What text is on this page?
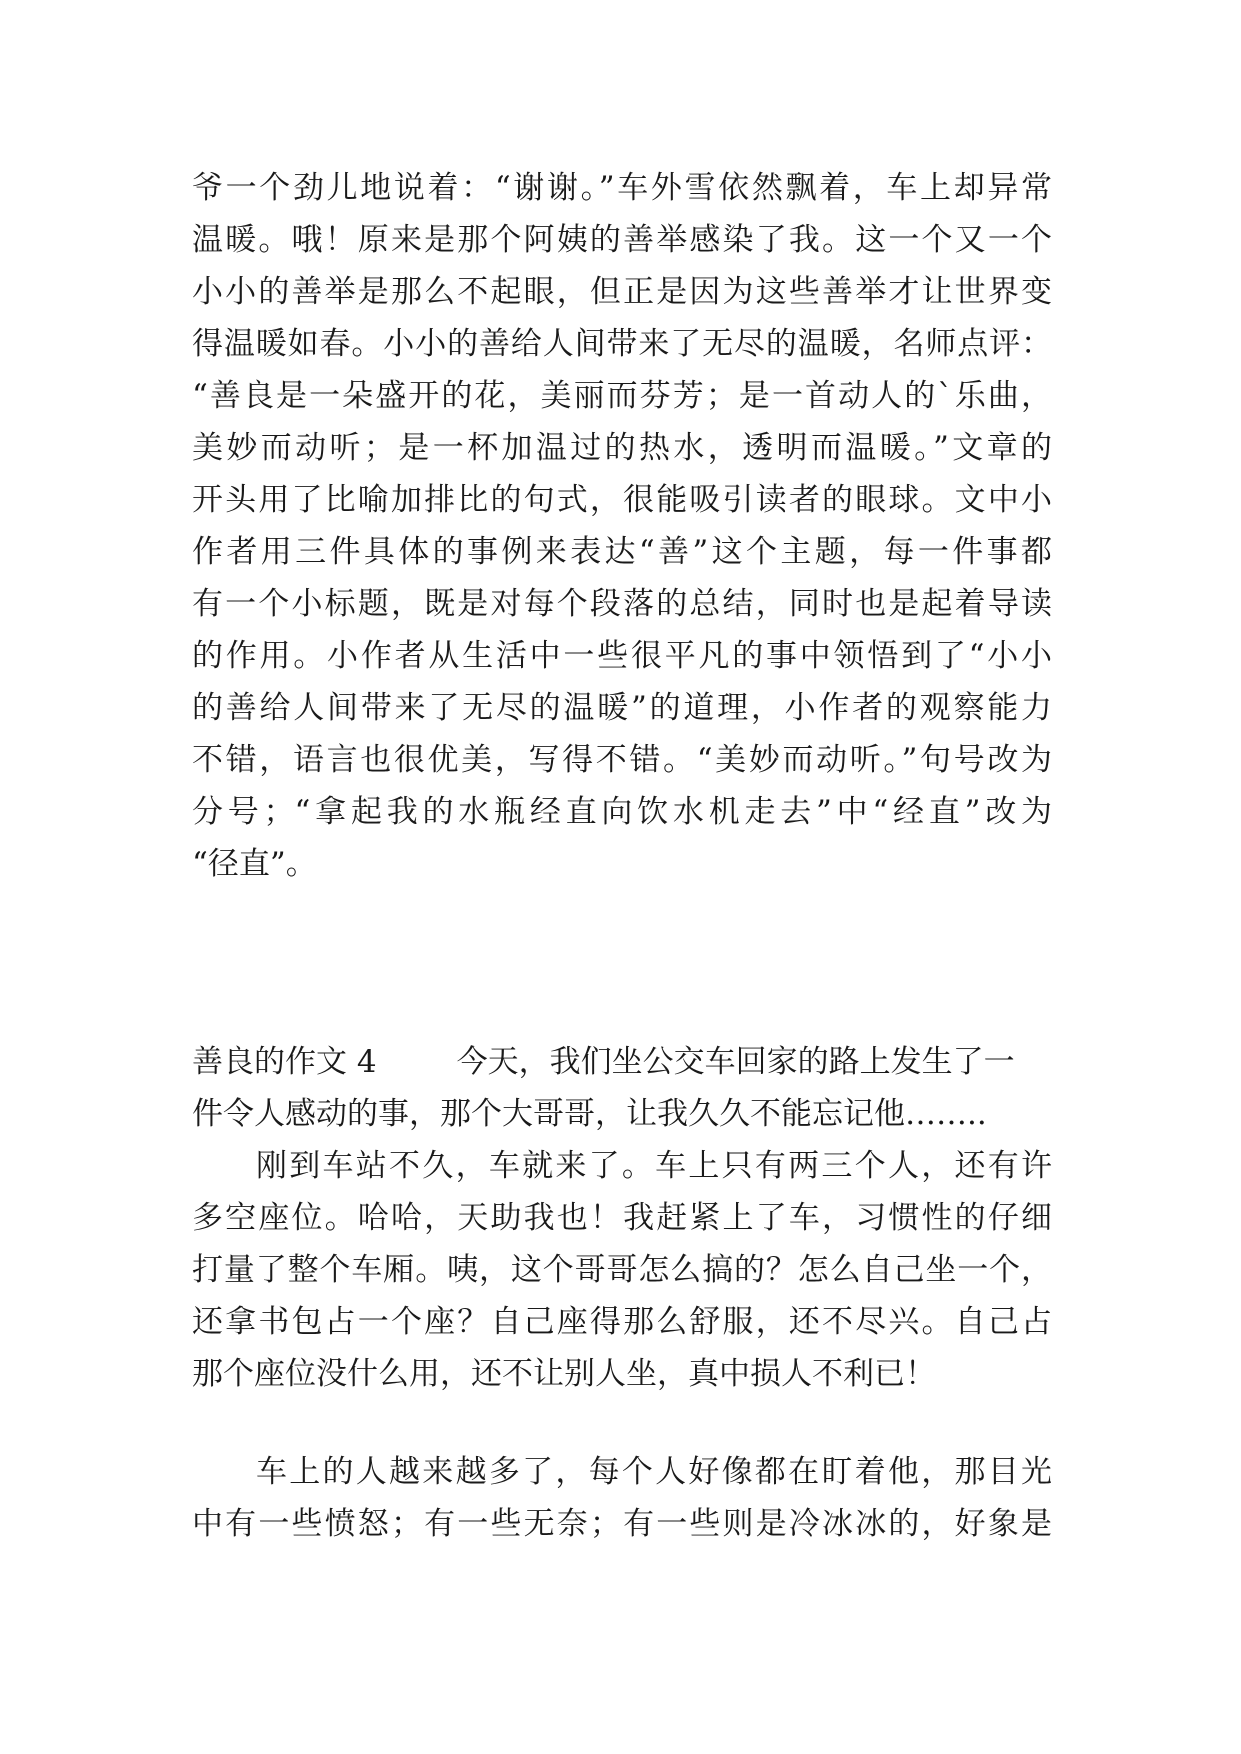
爷一个劲儿地说着：“谢谢。”车外雪依然飘着，车上却异常
温暖。哦！原来是那个阿姨的善举感染了我。这一个又一个
小小的善举是那么不起眼，但正是因为这些善举才让世界变
得温暖如春。小小的善给人间带来了无尽的温暖，名师点评：
“善良是一朵盛开的花，美丽而芬芳；是一首动人的`乐曲，
美妙而动听；是一杯加温过的热水，透明而温暖。”文章的
开头用了比喻加排比的句式，很能吸引读者的眼球。文中小
作者用三件具体的事例来表达“善”这个主题，每一件事都
有一个小标题，既是对每个段落的总结，同时也是起着导读
的作用。小作者从生活中一些很平凡的事中领悟到了“小小
的善给人间带来了无尽的温暖”的道理，小作者的观察能力
不错，语言也很优美，写得不错。“美妙而动听。”句号改为
分号；“拿起我的水瓶经直向饮水机走去”中“经直”改为
“径直”。
善良的作文 4	今天，我们坐公交车回家的路上发生了一
件令人感动的事，那个大哥哥，让我久久不能忘记他……..
刚到车站不久，车就来了。车上只有两三个人，还有许
多空座位。哈哈，天助我也！我赶紧上了车，习惯性的仔细
打量了整个车厢。咦，这个哥哥怎么搞的？怎么自己坐一个，
还拿书包占一个座？自己座得那么舒服，还不尽兴。自己占
那个座位没什么用，还不让别人坐，真中损人不利已！
车上的人越来越多了，每个人好像都在盯着他，那目光
中有一些愤怒；有一些无奈；有一些则是冷冰冰的，好象是
